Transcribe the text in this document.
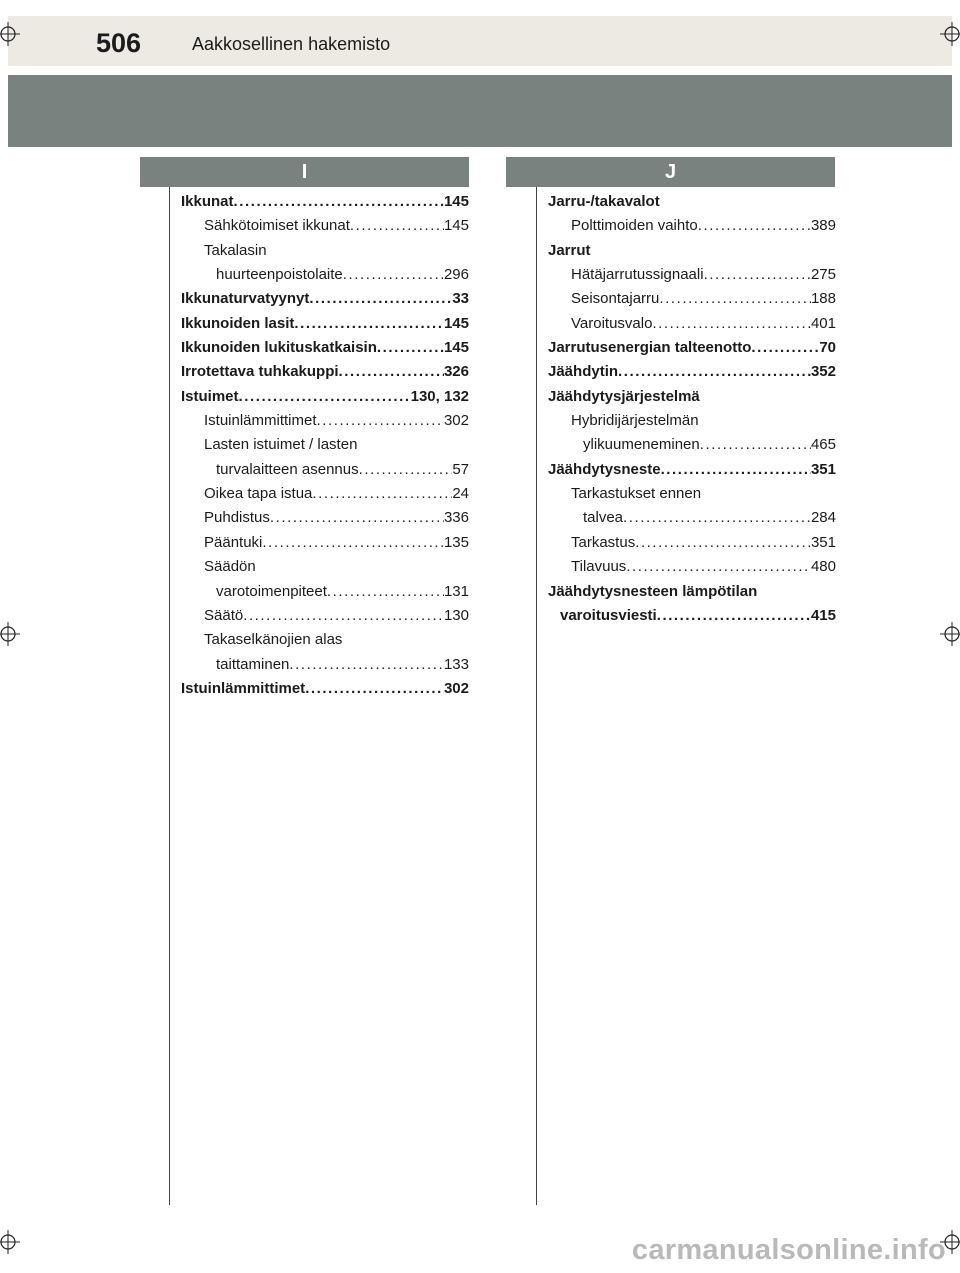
506	Aakkosellinen hakemisto
I	J
Ikkunat . . .	145
Sähkötoimiset ikkunat . . .	145
Takalasin
huurteenpoistolaite . . .	296
Ikkunaturvatyynyt . . .	33
Ikkunoiden lasit . . .	145
Ikkunoiden lukituskatkaisin . . .	145
Irrotettava tuhkakuppi . . .	326
Istuimet . . .	130, 132
Istuinlämmittimet . . .	302
Lasten istuimet / lasten
turvalaitteen asennus . . .	57
Oikea tapa istua . . .	24
Puhdistus . . .	336
Pääntuki . . .	135
Säädön
varotoimenpiteet . . .	131
Säätö . . .	130
Takaselkänojien alas
taittaminen . . .	133
Istuinlämmittimet . . .	302
Jarru-/takavalot
Polttimoiden vaihto . . .	389
Jarrut
Hätäjarrutussignaali . . .	275
Seisontajarru . . .	188
Varoitusvalo . . .	401
Jarrutusenergian talteenotto . . .	70
Jäähdytin . . .	352
Jäähdytysjärjestelmä
Hybridijärjestelmän
ylikuumeneminen . . .	465
Jäähdytysneste . . .	351
Tarkastukset ennen
talvea . . .	284
Tarkastus . . .	351
Tilavuus . . .	480
Jäähdytysnesteen lämpötilan
varoitusviesti . . .	415
carmanualsonline.info
